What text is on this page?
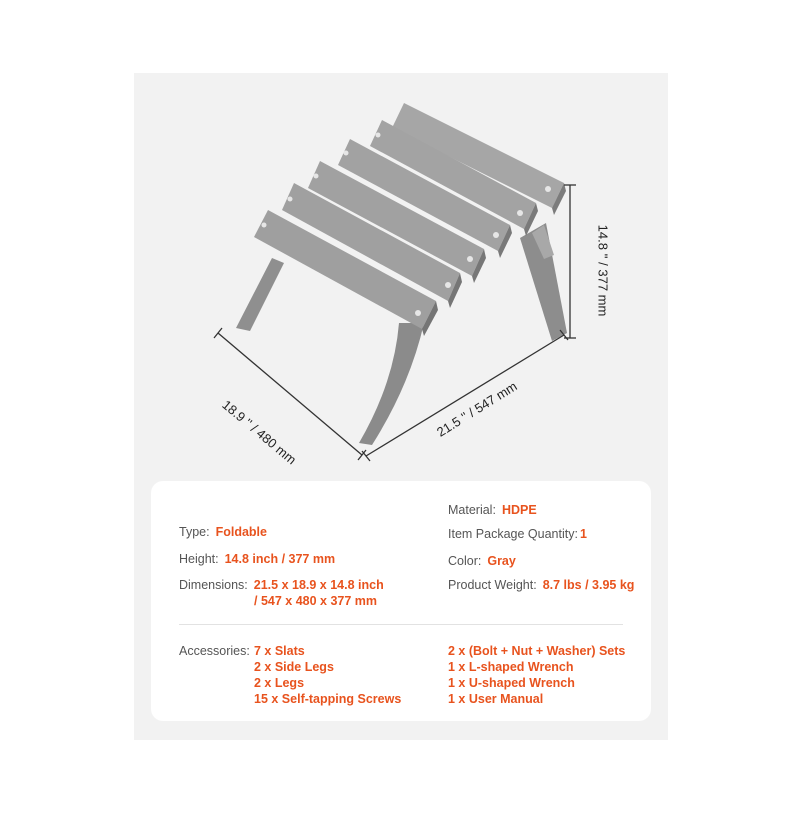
14.8 '' / 377 mm
18.9 '' / 480 mm	21.5 '' / 547 mm
Material: HDPE
Type: Foldable	Item Package Quantity: 1
Height: 14.8 inch / 377 mm	Color: Gray
Dimensions: 21.5 x 18.9 x 14.8 inch
/ 547 x 480 x 377 mm
Product Weight: 8.7 lbs / 3.95 kg
Accessories: 7 x Slats
2 x Side Legs
2 x Legs
15 x Self-tapping Screws
2 x (Bolt + Nut + Washer) Sets
1 x L-shaped Wrench
1 x U-shaped Wrench
1 x User Manual
